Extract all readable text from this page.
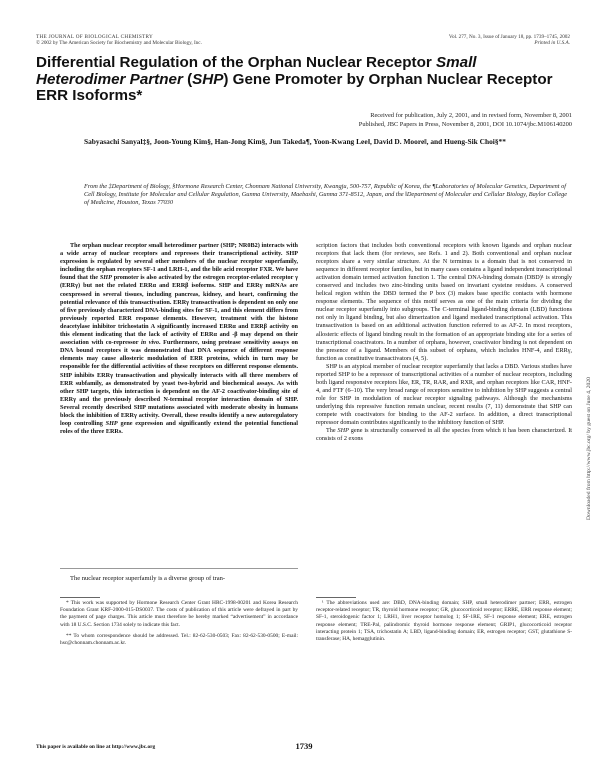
THE JOURNAL OF BIOLOGICAL CHEMISTRY
© 2002 by The American Society for Biochemistry and Molecular Biology, Inc.
Vol. 277, No. 3, Issue of January 18, pp. 1739–1745, 2002
Printed in U.S.A.
Differential Regulation of the Orphan Nuclear Receptor Small Heterodimer Partner (SHP) Gene Promoter by Orphan Nuclear Receptor ERR Isoforms*
Received for publication, July 2, 2001, and in revised form, November 8, 2001
Published, JBC Papers in Press, November 8, 2001, DOI 10.1074/jbc.M106140200
Sabyasachi Sanyal‡§, Joon-Young Kim§, Han-Jong Kim§, Jun Takeda¶, Yoon-Kwang Lee‖, David D. Moore‖, and Hueng-Sik Choi§**
From the ‡Department of Biology, §Hormone Research Center, Chonnam National University, Kwangju, 500-757, Republic of Korea, the ¶Laboratories of Molecular Genetics, Department of Cell Biology, Institute for Molecular and Cellular Regulation, Gunma University, Maebashi, Gunma 371-8512, Japan, and the ‖Department of Molecular and Cellular Biology, Baylor College of Medicine, Houston, Texas 77030
The orphan nuclear receptor small heterodimer partner (SHP; NR0B2) interacts with a wide array of nuclear receptors and represses their transcriptional activity. SHP expression is regulated by several other members of the nuclear receptor superfamily, including the orphan receptors SF-1 and LRH-1, and the bile acid receptor FXR. We have found that the SHP promoter is also activated by the estrogen receptor-related receptor γ (ERRγ) but not the related ERRα and ERRβ isoforms. SHP and ERRγ mRNAs are coexpressed in several tissues, including pancreas, kidney, and heart, confirming the potential relevance of this transactivation. ERRγ transactivation is dependent on only one of five previously characterized DNA-binding sites for SF-1, and this element differs from previously reported ERR response elements. However, treatment with the histone deacetylase inhibitor trichostatin A significantly increased ERRα and ERRβ activity on this element indicating that the lack of activity of ERRα and -β may depend on their association with co-repressor in vivo. Furthermore, using protease sensitivity assays on DNA bound receptors it was demonstrated that DNA sequence of different response elements may cause allosteric modulation of ERR proteins, which in turn may be responsible for the differential activities of these receptors on different response elements. SHP inhibits ERRγ transactivation and physically interacts with all three members of ERR subfamily, as demonstrated by yeast two-hybrid and biochemical assays. As with other SHP targets, this interaction is dependent on the AF-2 coactivator-binding site of ERRγ and the previously described N-terminal receptor interaction domain of SHP. Several recently described SHP mutations associated with moderate obesity in humans block the inhibition of ERRγ activity. Overall, these results identify a new autoregulatory loop controlling SHP gene expression and significantly extend the potential functional roles of the three ERRs.
The nuclear receptor superfamily is a diverse group of tran-

scription factors that includes both conventional receptors with known ligands and orphan nuclear receptors that lack them (for reviews, see Refs. 1 and 2). Both conventional and orphan nuclear receptors share a very similar structure. At the N terminus is a domain that is not conserved in sequence in different receptor families, but in many cases contains a ligand independent transcriptional activation domain termed activation function 1. The central DNA-binding domain (DBD)¹ is strongly conserved and includes two zinc-binding units based on invariant cysteine residues. A conserved helical region within the DBD termed the P box (3) makes base specific contacts with hormone response elements. The sequence of this motif serves as one of the main criteria for dividing the nuclear receptor superfamily into subgroups. The C-terminal ligand-binding domain (LBD) functions not only in ligand binding, but also dimerization and ligand mediated transcriptional activation. This transactivation is based on an additional activation function referred to as AF-2. In most receptors, allosteric effects of ligand binding result in the formation of an appropriate binding site for a series of transcriptional coactivators. In a number of orphans, however, coactivator binding is not dependent on the presence of a ligand. Members of this subset of orphans, which includes HNF-4, and ERRγ, function as constitutive transactivators (4, 5).

SHP is an atypical member of nuclear receptor superfamily that lacks a DBD. Various studies have reported SHP to be a repressor of transcriptional activities of a number of nuclear receptors, including both ligand responsive receptors like, ER, TR, RAR, and RXR, and orphan receptors like CAR, HNF-4, and FTF (6–10). The very broad range of receptors sensitive to inhibition by SHP suggests a central role for SHP in modulation of nuclear receptor signaling pathways. Although the mechanisms underlying this repressive function remain unclear, recent results (7, 11) demonstrate that SHP can compete with coactivators for binding to the AF-2 surface. In addition, a direct transcriptional repressor domain contributes significantly to the inhibitory function of SHP.

The SHP gene is structurally conserved in all the species from which it has been characterized. It consists of 2 exons

* This work was supported by Hormone Research Center Grant HRC-1998-00201 and Korea Research Foundation Grant KRF-2000-015-DS0037. The costs of publication of this article were defrayed in part by the payment of page charges. This article must therefore be hereby marked “advertisement” in accordance with 18 U.S.C. Section 1734 solely to indicate this fact.

** To whom correspondence should be addressed. Tel.: 82-62-530-0503; Fax: 82-62-530-0500; E-mail: hsc@chonnam.chonnam.ac.kr.

¹ The abbreviations used are: DBD, DNA-binding domain; SHP, small heterodimer partner; ERR, estrogen receptor-related receptor; TR, thyroid hormone receptor; GR, glucocorticoid receptor; ERRE, ERR response element; SF-1, steroidogenic factor 1; LRH1, liver receptor homolog 1; SF-1RE, SF-1 response element; ERE, estrogen response element; TRE-Pal, palindromic thyroid hormone response element; GRIP1, glucocorticoid receptor interacting protein 1; TSA, trichostatin A; LBD, ligand-binding domain; ER, estrogen receptor; GST, glutathione S-transferase; HA, hemagglutinin.

This paper is available on line at http://www.jbc.org	1739
Downloaded from http://www.jbc.org/ by guest on June 4, 2020
